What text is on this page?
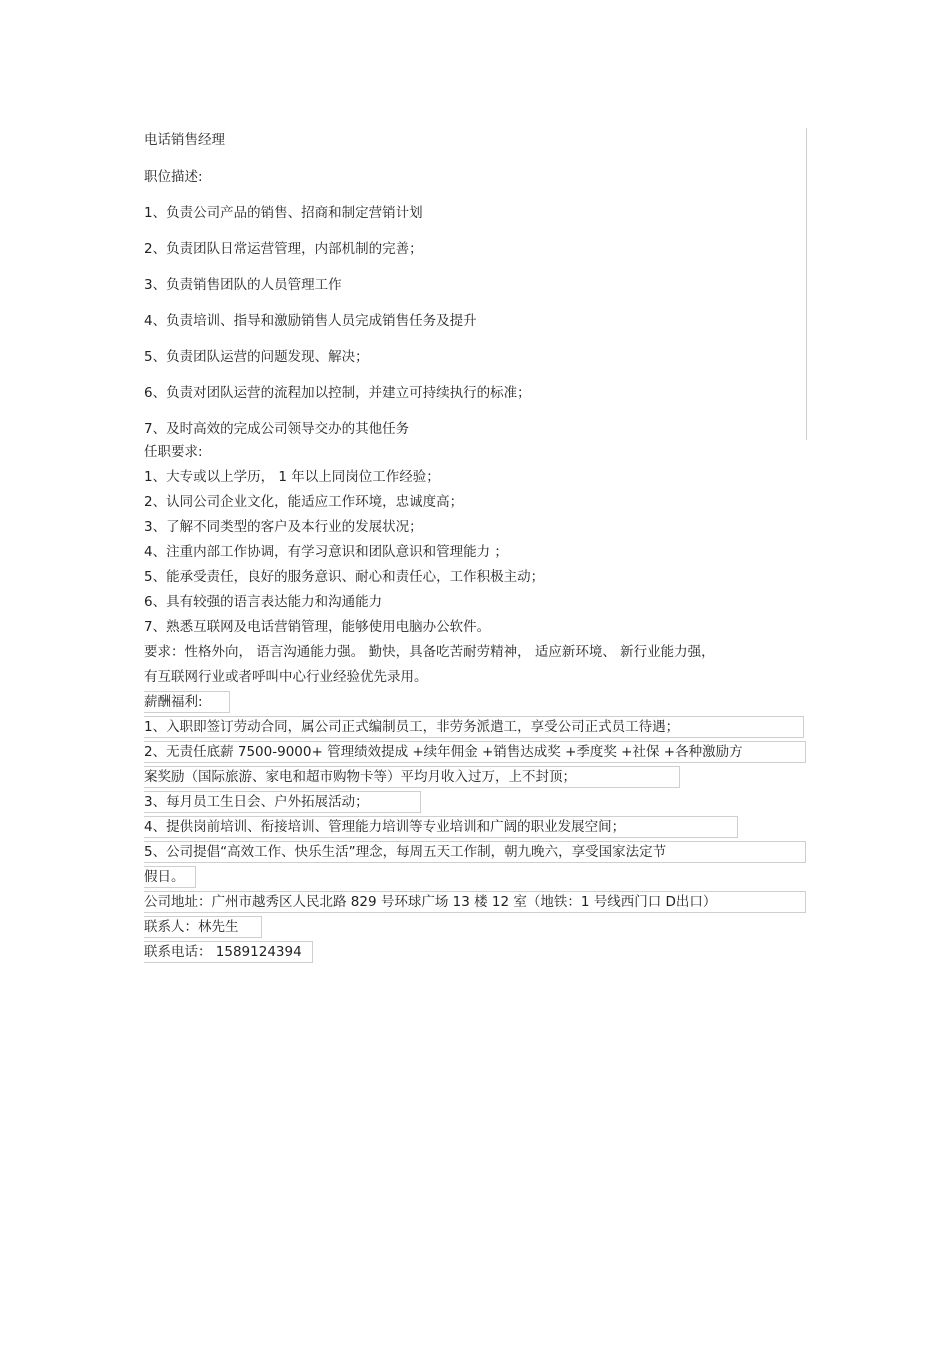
电话销售经理
职位描述:
1、负责公司产品的销售、招商和制定营销计划
2、负责团队日常运营管理，内部机制的完善；
3、负责销售团队的人员管理工作
4、负责培训、指导和激励销售人员完成销售任务及提升
5、负责团队运营的问题发现、解决；
6、负责对团队运营的流程加以控制，并建立可持续执行的标准；
7、及时高效的完成公司领导交办的其他任务
任职要求:
1、大专或以上学历， 1 年以上同岗位工作经验；
2、认同公司企业文化，能适应工作环境，忠诚度高；
3、了解不同类型的客户及本行业的发展状况；
4、注重内部工作协调，有学习意识和团队意识和管理能力 ；
5、能承受责任，良好的服务意识、耐心和责任心，工作积极主动；
6、具有较强的语言表达能力和沟通能力
7、熟悉互联网及电话营销管理，能够使用电脑办公软件。
要求：性格外向， 语言沟通能力强。 勤快，具备吃苦耐劳精神， 适应新环境、 新行业能力强，
有互联网行业或者呼叫中心行业经验优先录用。
薪酬福利:
1、入职即签订劳动合同，属公司正式编制员工，非劳务派遣工，享受公司正式员工待遇；
2、无责任底薪 7500-9000+ 管理绩效提成 +续年佣金 +销售达成奖 +季度奖 +社保 +各种激励方
案奖励（国际旅游、家电和超市购物卡等）平均月收入过万，上不封顶；
3、每月员工生日会、户外拓展活动；
4、提供岗前培训、衔接培训、管理能力培训等专业培训和广阔的职业发展空间；
5、公司提倡“高效工作、快乐生活”理念，每周五天工作制，朝九晚六，享受国家法定节
假日。
公司地址：广州市越秀区人民北路 829 号环球广场 13 楼 12 室（地铁：1 号线西门口 D出口）
联系人：林先生
联系电话： 1589124394
